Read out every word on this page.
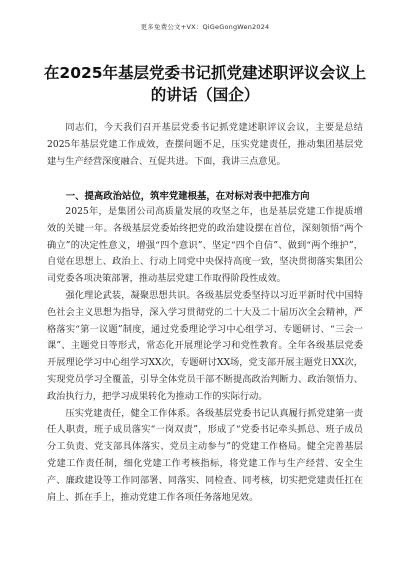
更多免费公文+VX：QiGeGongWen2024
在2025年基层党委书记抓党建述职评议会议上的讲话（国企）

同志们，今天我们召开基层党委书记抓党建述职评议会议，主要是总结2025年基层党建工作成效，查摆问题不足，压实党建责任，推动集团基层党建与生产经营深度融合、互促共进。下面，我讲三点意见。

一、提高政治站位，筑牢党建根基，在对标对表中把准方向

2025年，是集团公司高质量发展的攻坚之年，也是基层党建工作提质增效的关键一年。各级基层党委始终把党的政治建设摆在首位，深刻领悟“两个确立”的决定性意义，增强“四个意识”、坚定“四个自信”、做到“两个维护”，自觉在思想上、政治上、行动上同党中央保持高度一致，坚决贯彻落实集团公司党委各项决策部署，推动基层党建工作取得阶段性成效。

强化理论武装，凝聚思想共识。各级基层党委坚持以习近平新时代中国特色社会主义思想为指导，深入学习贯彻党的二十大及二十届历次全会精神，严格落实“第一议题”制度，通过党委理论学习中心组学习、专题研讨、“三会一课”、主题党日等形式，常态化开展理论学习和党性教育。全年各级基层党委开展理论学习中心组学习XX次，专题研讨XX场，党支部开展主题党日XX次，实现党员学习全覆盖，引导全体党员干部不断提高政治判断力、政治领悟力、政治执行力，把学习成果转化为推动工作的实际行动。

压实党建责任，健全工作体系。各级基层党委书记认真履行抓党建第一责任人职责，班子成员落实“一岗双责”，形成了“党委书记牵头抓总、班子成员分工负责、党支部具体落实、党员主动参与”的党建工作格局。健全完善基层党建工作责任制，细化党建工作考核指标，将党建工作与生产经营、安全生产、廉政建设等工作同部署、同落实、同检查、同考核，切实把党建责任扛在肩上、抓在手上，推动党建工作各项任务落地见效。
